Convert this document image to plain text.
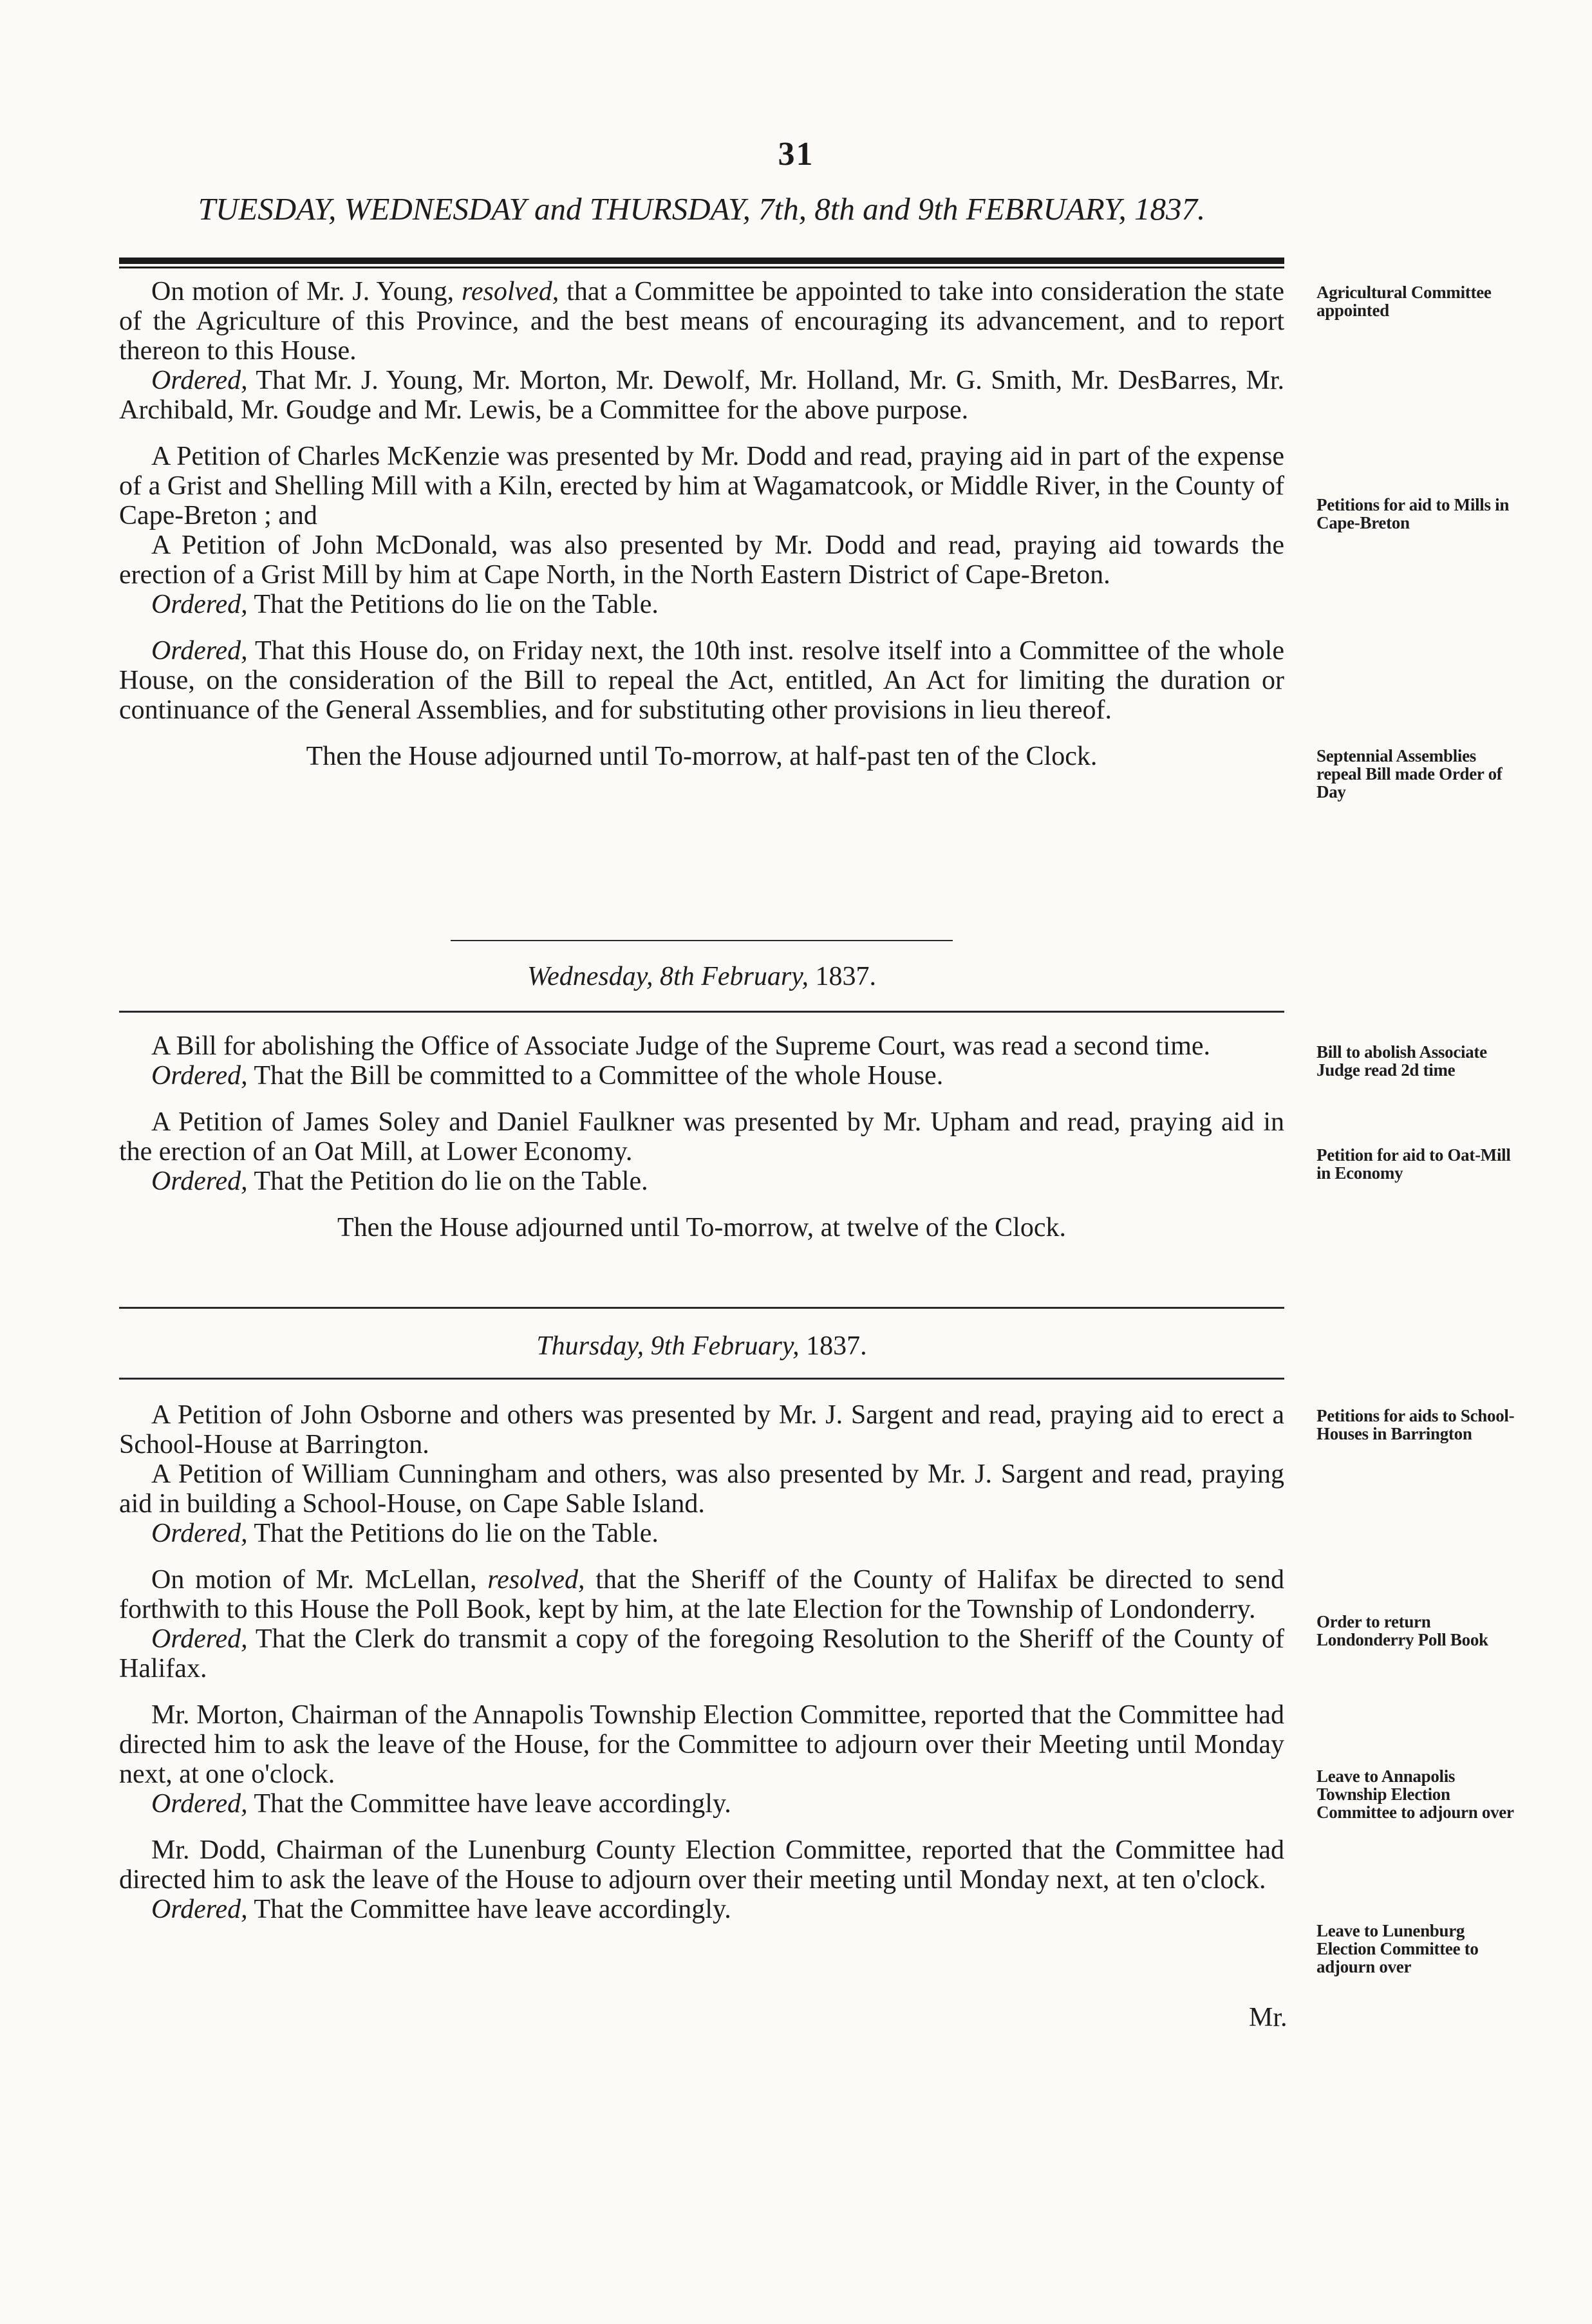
31
TUESDAY, WEDNESDAY and THURSDAY, 7th, 8th and 9th FEBRUARY, 1837.

On motion of Mr. J. Young, resolved, that a Committee be appointed to take into consideration the state of the Agriculture of this Province, and the best means of encouraging its advancement, and to report thereon to this House.

Ordered, That Mr. J. Young, Mr. Morton, Mr. Dewolf, Mr. Holland, Mr. G. Smith, Mr. DesBarres, Mr. Archibald, Mr. Goudge and Mr. Lewis, be a Committee for the above purpose.

A Petition of Charles McKenzie was presented by Mr. Dodd and read, praying aid in part of the expense of a Grist and Shelling Mill with a Kiln, erected by him at Wagamatcook, or Middle River, in the County of Cape-Breton ; and

A Petition of John McDonald, was also presented by Mr. Dodd and read, praying aid towards the erection of a Grist Mill by him at Cape North, in the North Eastern District of Cape-Breton.

Ordered, That the Petitions do lie on the Table.

Ordered, That this House do, on Friday next, the 10th inst. resolve itself into a Committee of the whole House, on the consideration of the Bill to repeal the Act, entitled, An Act for limiting the duration or continuance of the General Assemblies, and for substituting other provisions in lieu thereof.

Then the House adjourned until To-morrow, at half-past ten of the Clock.

Wednesday, 8th February, 1837.

A Bill for abolishing the Office of Associate Judge of the Supreme Court, was read a second time.

Ordered, That the Bill be committed to a Committee of the whole House.

A Petition of James Soley and Daniel Faulkner was presented by Mr. Upham and read, praying aid in the erection of an Oat Mill, at Lower Economy.

Ordered, That the Petition do lie on the Table.

Then the House adjourned until To-morrow, at twelve of the Clock.

Thursday, 9th February, 1837.

A Petition of John Osborne and others was presented by Mr. J. Sargent and read, praying aid to erect a School-House at Barrington.

A Petition of William Cunningham and others, was also presented by Mr. J. Sargent and read, praying aid in building a School-House, on Cape Sable Island.

Ordered, That the Petitions do lie on the Table.

On motion of Mr. McLellan, resolved, that the Sheriff of the County of Halifax be directed to send forthwith to this House the Poll Book, kept by him, at the late Election for the Township of Londonderry.

Ordered, That the Clerk do transmit a copy of the foregoing Resolution to the Sheriff of the County of Halifax.

Mr. Morton, Chairman of the Annapolis Township Election Committee, reported that the Committee had directed him to ask the leave of the House, for the Committee to adjourn over their Meeting until Monday next, at one o'clock.

Ordered, That the Committee have leave accordingly.

Mr. Dodd, Chairman of the Lunenburg County Election Committee, reported that the Committee had directed him to ask the leave of the House to adjourn over their meeting until Monday next, at ten o'clock.

Ordered, That the Committee have leave accordingly.

Mr.
Agricultural Committee appointed
Petitions for aid to Mills in Cape-Breton
Septennial Assemblies repeal Bill made Order of Day
Bill to abolish Associate Judge read 2d time
Petition for aid to Oat-Mill in Economy
Petitions for aids to School-Houses in Barrington
Order to return Londonderry Poll Book
Leave to Annapolis Township Election Committee to adjourn over
Leave to Lunenburg Election Committee to adjourn over
